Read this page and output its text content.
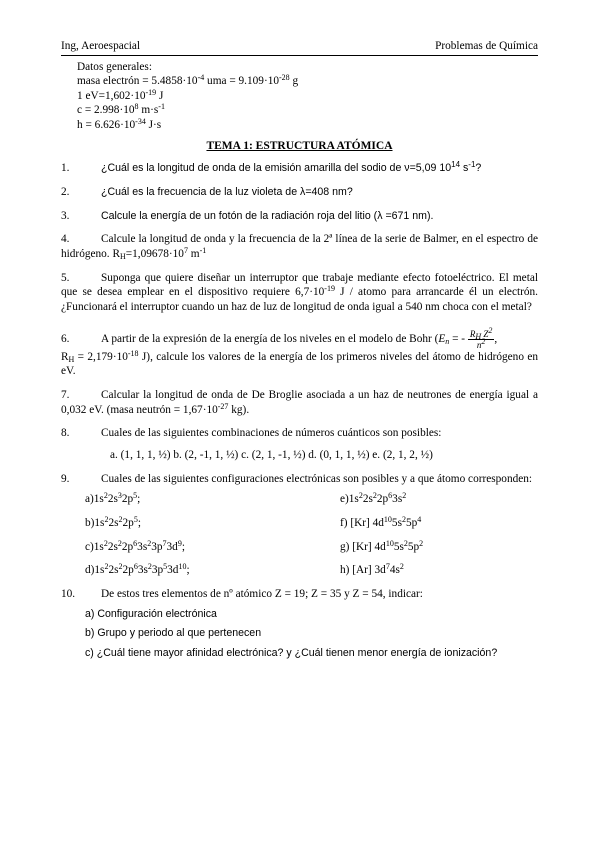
Ing, Aeroespacial	Problemas de Química
Datos generales:
masa electrón = $5.4858\cdot 10^{-4}$ uma = $9.109\cdot 10^{-28}$ g
1 $eV=1,602\cdot 10^{-19}$ J
$c = 2.998\cdot 10^8$ $m\cdot s^{-1}$
$h = 6.626\cdot 10^{-34}$ J·s
TEMA 1: ESTRUCTURA ATÓMICA
1.	¿Cuál es la longitud de onda de la emisión amarilla del sodio de ν=5,09 $10^{14}$ $s^{-1}$?
2.	¿Cuál es la frecuencia de la luz violeta de λ=408 nm?
3.	Calcule la energía de un fotón de la radiación roja del litio (λ =671 nm).
4.	Calcule la longitud de onda y la frecuencia de la 2ª línea de la serie de Balmer, en el espectro de hidrógeno. $R_H=1,09678\cdot 10^7$ $m^{-1}$
5.	Suponga que quiere diseñar un interruptor que trabaje mediante efecto fotoeléctrico. El metal que se desea emplear en el dispositivo requiere $6,7\cdot 10^{-19}$ J / atomo para arrancarde él un electrón. ¿Funcionará el interruptor cuando un haz de luz de longitud de onda igual a 540 nm choca con el metal?
6.	A partir de la expresión de la energía de los niveles en el modelo de Bohr ($E_n$ = - $\frac{R_H Z^2}{n^2}$ ,
$R_H = 2,179\cdot 10^{-18}$ J), calcule los valores de la energía de los primeros niveles del átomo de hidrógeno en eV.
7.	Calcular la longitud de onda de De Broglie asociada a un haz de neutrones de energía igual a 0,032 eV. (masa neutrón = $1,67\cdot 10^{-27}$ kg).
8.	Cuales de las siguientes combinaciones de números cuánticos son posibles:
a. (1, 1, 1, ½) b. (2, -1, 1, ½) c. (2, 1, -1, ½) d. (0, 1, 1, ½) e. (2, 1, 2, ½)
9.	Cuales de las siguientes configuraciones electrónicas son posibles y a que átomo corresponden:
$a)1s^22s^32p^5$;	$e)1s^22s^22p^63s^2$
$b)1s^22s^22p^5$;	f) [Kr] $4d^{10}5s^25p^4$
$c)1s^22s^22p^63s^23p^73d^9$;	g) [Kr] $4d^{10}5s^25p^2$
$d)1s^22s^22p^63s^23p^53d^{10}$;	h) [Ar] $3d^74s^2$
10. De estos tres elementos de nº atómico Z = 19; Z = 35 y Z = 54, indicar:
a) Configuración electrónica
b) Grupo y periodo al que pertenecen
c) ¿Cuál tiene mayor afinidad electrónica? y ¿Cuál tienen menor energía de ionización?
